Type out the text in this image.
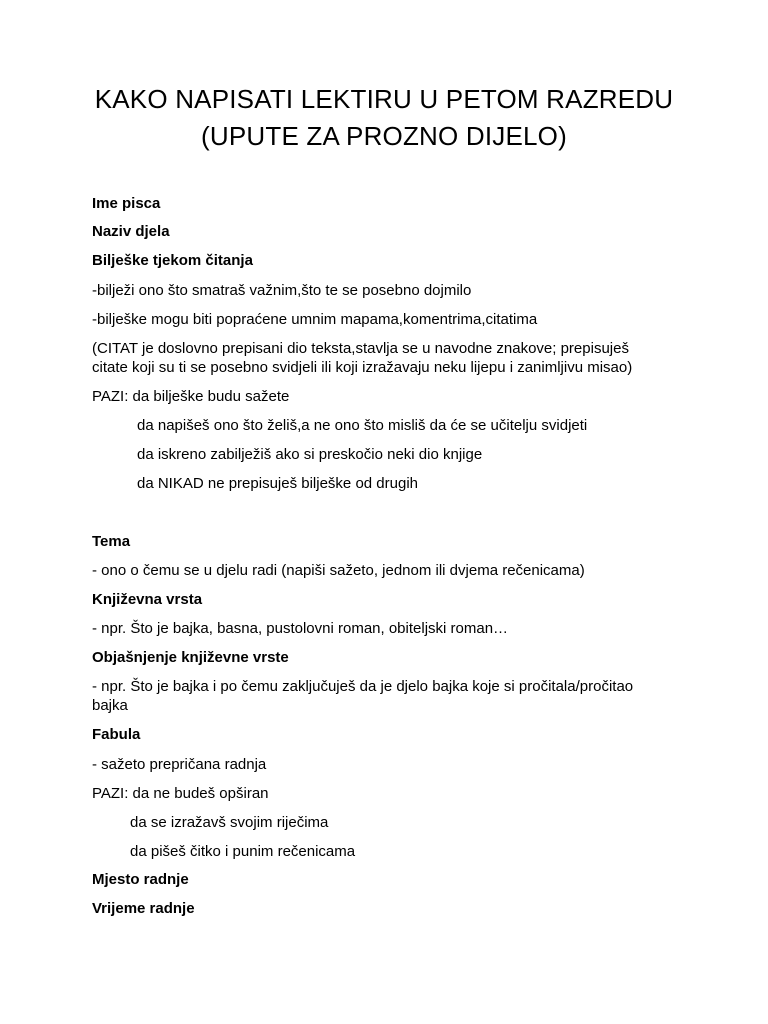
KAKO NAPISATI LEKTIRU U PETOM RAZREDU
(UPUTE ZA PROZNO DIJELO)

Ime pisca

Naziv djela

Bilješke tjekom čitanja

-bilježi ono što smatraš važnim,što te se posebno dojmilo

-bilješke mogu biti popraćene umnim mapama,komentrima,citatima

(CITAT je doslovno prepisani dio teksta,stavlja se u navodne znakove; prepisuješ

citate koji su ti se posebno svidjeli ili koji izražavaju neku lijepu i zanimljivu misao)

PAZI: da bilješke budu sažete

da napišeš ono što želiš,a ne ono što misliš da će se učitelju svidjeti

da iskreno zabilježiš ako si preskočio neki dio knjige

da NIKAD ne prepisuješ bilješke od drugih

Tema

- ono o čemu se u djelu radi (napiši sažeto, jednom ili dvjema rečenicama)

Književna vrsta

- npr. Što je bajka, basna, pustolovni roman, obiteljski roman…

Objašnjenje književne vrste

- npr. Što je bajka i po čemu zaključuješ da je djelo bajka koje si pročitala/pročitao

bajka

Fabula

- sažeto prepričana radnja

PAZI: da ne budeš opširan

da se izražavš svojim riječima

da pišeš čitko i punim rečenicama

Mjesto radnje

Vrijeme radnje
